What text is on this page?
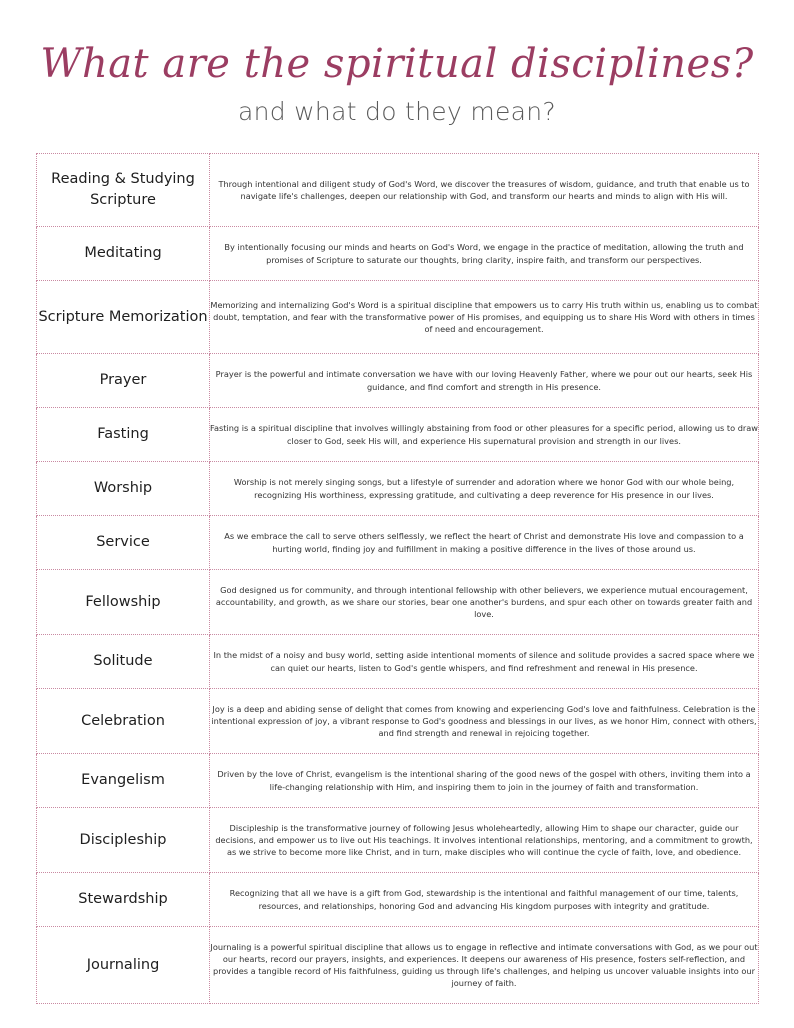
What are the spiritual disciplines?
and what do they mean?
Reading & Studying Scripture	Through intentional and diligent study of God's Word, we discover the treasures of wisdom, guidance, and truth that enable us to navigate life's challenges, deepen our relationship with God, and transform our hearts and minds to align with His will.
Meditating	By intentionally focusing our minds and hearts on God's Word, we engage in the practice of meditation, allowing the truth and promises of Scripture to saturate our thoughts, bring clarity, inspire faith, and transform our perspectives.
Scripture Memorization	Memorizing and internalizing God's Word is a spiritual discipline that empowers us to carry His truth within us, enabling us to combat doubt, temptation, and fear with the transformative power of His promises, and equipping us to share His Word with others in times of need and encouragement.
Prayer	Prayer is the powerful and intimate conversation we have with our loving Heavenly Father, where we pour out our hearts, seek His guidance, and find comfort and strength in His presence.
Fasting	Fasting is a spiritual discipline that involves willingly abstaining from food or other pleasures for a specific period, allowing us to draw closer to God, seek His will, and experience His supernatural provision and strength in our lives.
Worship	Worship is not merely singing songs, but a lifestyle of surrender and adoration where we honor God with our whole being, recognizing His worthiness, expressing gratitude, and cultivating a deep reverence for His presence in our lives.
Service	As we embrace the call to serve others selflessly, we reflect the heart of Christ and demonstrate His love and compassion to a hurting world, finding joy and fulfillment in making a positive difference in the lives of those around us.
Fellowship	God designed us for community, and through intentional fellowship with other believers, we experience mutual encouragement, accountability, and growth, as we share our stories, bear one another's burdens, and spur each other on towards greater faith and love.
Solitude	In the midst of a noisy and busy world, setting aside intentional moments of silence and solitude provides a sacred space where we can quiet our hearts, listen to God's gentle whispers, and find refreshment and renewal in His presence.
Celebration	Joy is a deep and abiding sense of delight that comes from knowing and experiencing God's love and faithfulness. Celebration is the intentional expression of joy, a vibrant response to God's goodness and blessings in our lives, as we honor Him, connect with others, and find strength and renewal in rejoicing together.
Evangelism	Driven by the love of Christ, evangelism is the intentional sharing of the good news of the gospel with others, inviting them into a life-changing relationship with Him, and inspiring them to join in the journey of faith and transformation.
Discipleship	Discipleship is the transformative journey of following Jesus wholeheartedly, allowing Him to shape our character, guide our decisions, and empower us to live out His teachings. It involves intentional relationships, mentoring, and a commitment to growth, as we strive to become more like Christ, and in turn, make disciples who will continue the cycle of faith, love, and obedience.
Stewardship	Recognizing that all we have is a gift from God, stewardship is the intentional and faithful management of our time, talents, resources, and relationships, honoring God and advancing His kingdom purposes with integrity and gratitude.
Journaling	Journaling is a powerful spiritual discipline that allows us to engage in reflective and intimate conversations with God, as we pour out our hearts, record our prayers, insights, and experiences. It deepens our awareness of His presence, fosters self-reflection, and provides a tangible record of His faithfulness, guiding us through life's challenges, and helping us uncover valuable insights into our journey of faith.
